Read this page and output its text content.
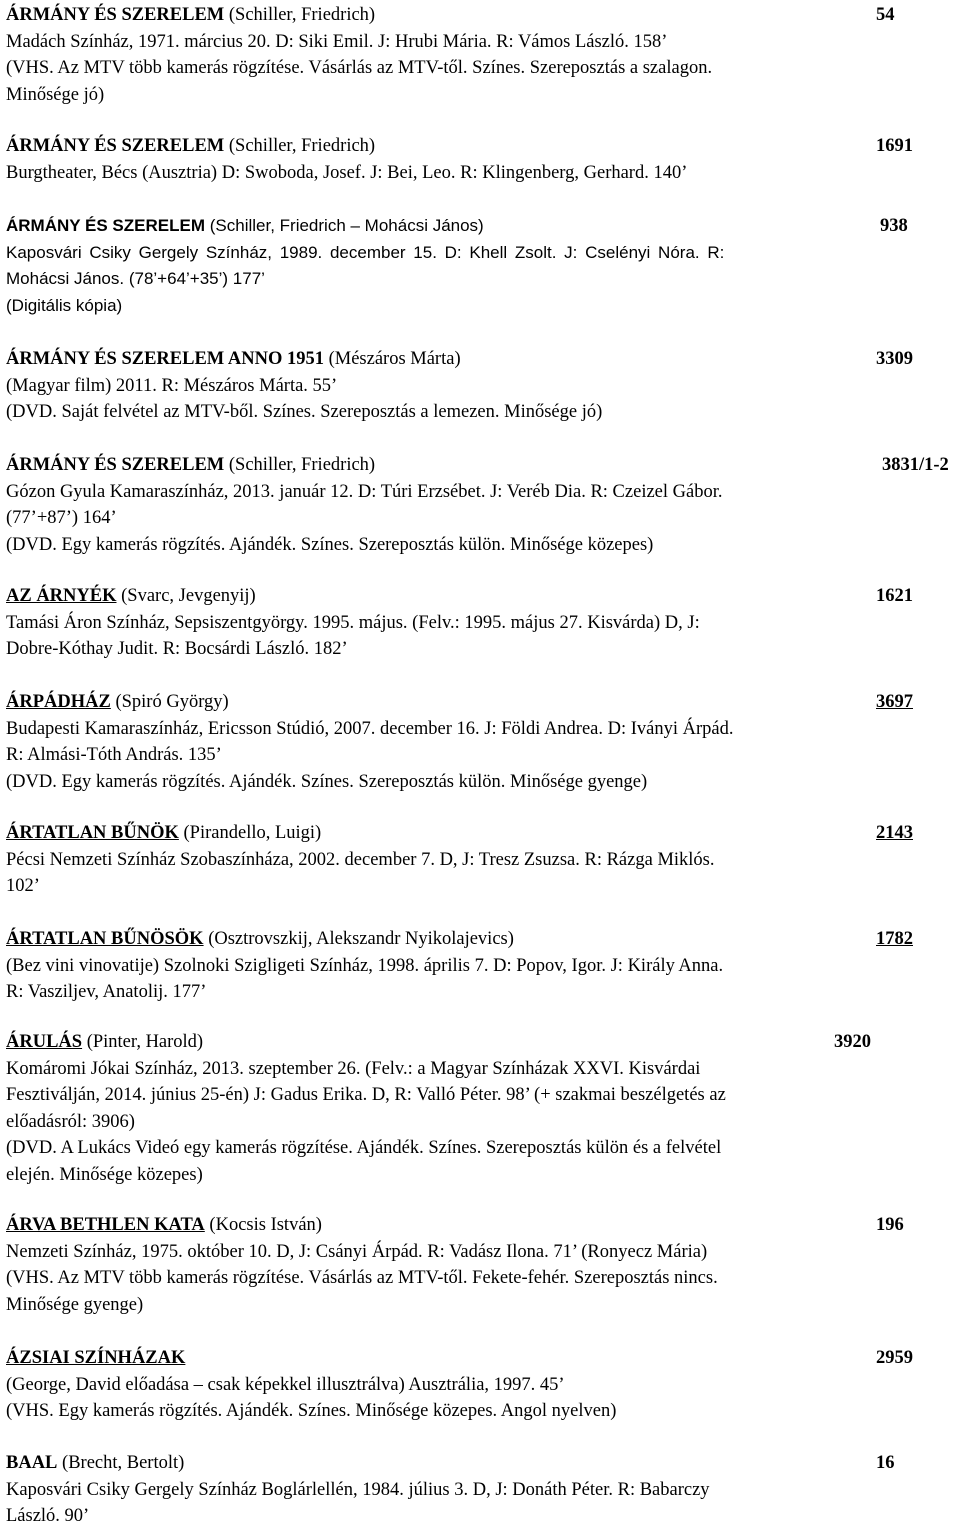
ÁRMÁNY ÉS SZERELEM (Schiller, Friedrich)	54
Madách Színház, 1971. március 20. D: Siki Emil. J: Hrubi Mária. R: Vámos László. 158’
(VHS. Az MTV több kamerás rögzítése. Vásárlás az MTV-től. Színes. Szereposztás a szalagon.
Minősége jó)
ÁRMÁNY ÉS SZERELEM (Schiller, Friedrich)	1691
Burgtheater, Bécs (Ausztria) D: Swoboda, Josef. J: Bei, Leo. R: Klingenberg, Gerhard. 140’
ÁRMÁNY ÉS SZERELEM (Schiller, Friedrich – Mohácsi János)	938
Kaposvári Csiky Gergely Színház, 1989. december 15. D: Khell Zsolt. J: Cselényi Nóra. R:
Mohácsi János. (78’+64’+35’) 177’
(Digitális kópia)
ÁRMÁNY ÉS SZERELEM ANNO 1951 (Mészáros Márta)	3309
(Magyar film) 2011. R: Mészáros Márta. 55’
(DVD. Saját felvétel az MTV-ből. Színes. Szereposztás a lemezen. Minősége jó)
ÁRMÁNY ÉS SZERELEM (Schiller, Friedrich)	3831/1-2
Gózon Gyula Kamaraszínház, 2013. január 12. D: Túri Erzsébet. J: Veréb Dia. R: Czeizel Gábor.
(77’+87’) 164’
(DVD. Egy kamerás rögzítés. Ajándék. Színes. Szereposztás külön. Minősége közepes)
AZ ÁRNYÉK (Svarc, Jevgenyij)	1621
Tamási Áron Színház, Sepsiszentgyörgy. 1995. május. (Felv.: 1995. május 27. Kisvárda) D, J:
Dobre-Kóthay Judit. R: Bocsárdi László. 182’
ÁRPÁDHÁZ (Spiró György)	3697
Budapesti Kamaraszínház, Ericsson Stúdió, 2007. december 16. J: Földi Andrea. D: Iványi Árpád.
R: Almási-Tóth András. 135’
(DVD. Egy kamerás rögzítés. Ajándék. Színes. Szereposztás külön. Minősége gyenge)
ÁRTATLAN BŰNÖK (Pirandello, Luigi)	2143
Pécsi Nemzeti Színház Szobaszínháza, 2002. december 7. D, J: Tresz Zsuzsa. R: Rázga Miklós.
102’
ÁRTATLAN BŰNÖSÖK (Osztrovszkij, Alekszandr Nyikolajevics)	1782
(Bez vini vinovatije) Szolnoki Szigligeti Színház, 1998. április 7. D: Popov, Igor. J: Király Anna.
R: Vasziljev, Anatolij. 177’
ÁRULÁS (Pinter, Harold)	3920
Komáromi Jókai Színház, 2013. szeptember 26. (Felv.: a Magyar Színházak XXVI. Kisvárdai
Fesztiválján, 2014. június 25-én) J: Gadus Erika. D, R: Valló Péter. 98’ (+ szakmai beszélgetés az
előadásról: 3906)
(DVD. A Lukács Videó egy kamerás rögzítése. Ajándék. Színes. Szereposztás külön és a felvétel
elején. Minősége közepes)
ÁRVA BETHLEN KATA (Kocsis István)	196
Nemzeti Színház, 1975. október 10. D, J: Csányi Árpád. R: Vadász Ilona. 71’ (Ronyecz Mária)
(VHS. Az MTV több kamerás rögzítése. Vásárlás az MTV-től. Fekete-fehér. Szereposztás nincs.
Minősége gyenge)
ÁZSIAI SZÍNHÁZAK	2959
(George, David előadása – csak képekkel illusztrálva) Ausztrália, 1997. 45’
(VHS. Egy kamerás rögzítés. Ajándék. Színes. Minősége közepes. Angol nyelven)
BAAL (Brecht, Bertolt)	16
Kaposvári Csiky Gergely Színház Boglárlellén, 1984. július 3. D, J: Donáth Péter. R: Babarczy
László. 90’
